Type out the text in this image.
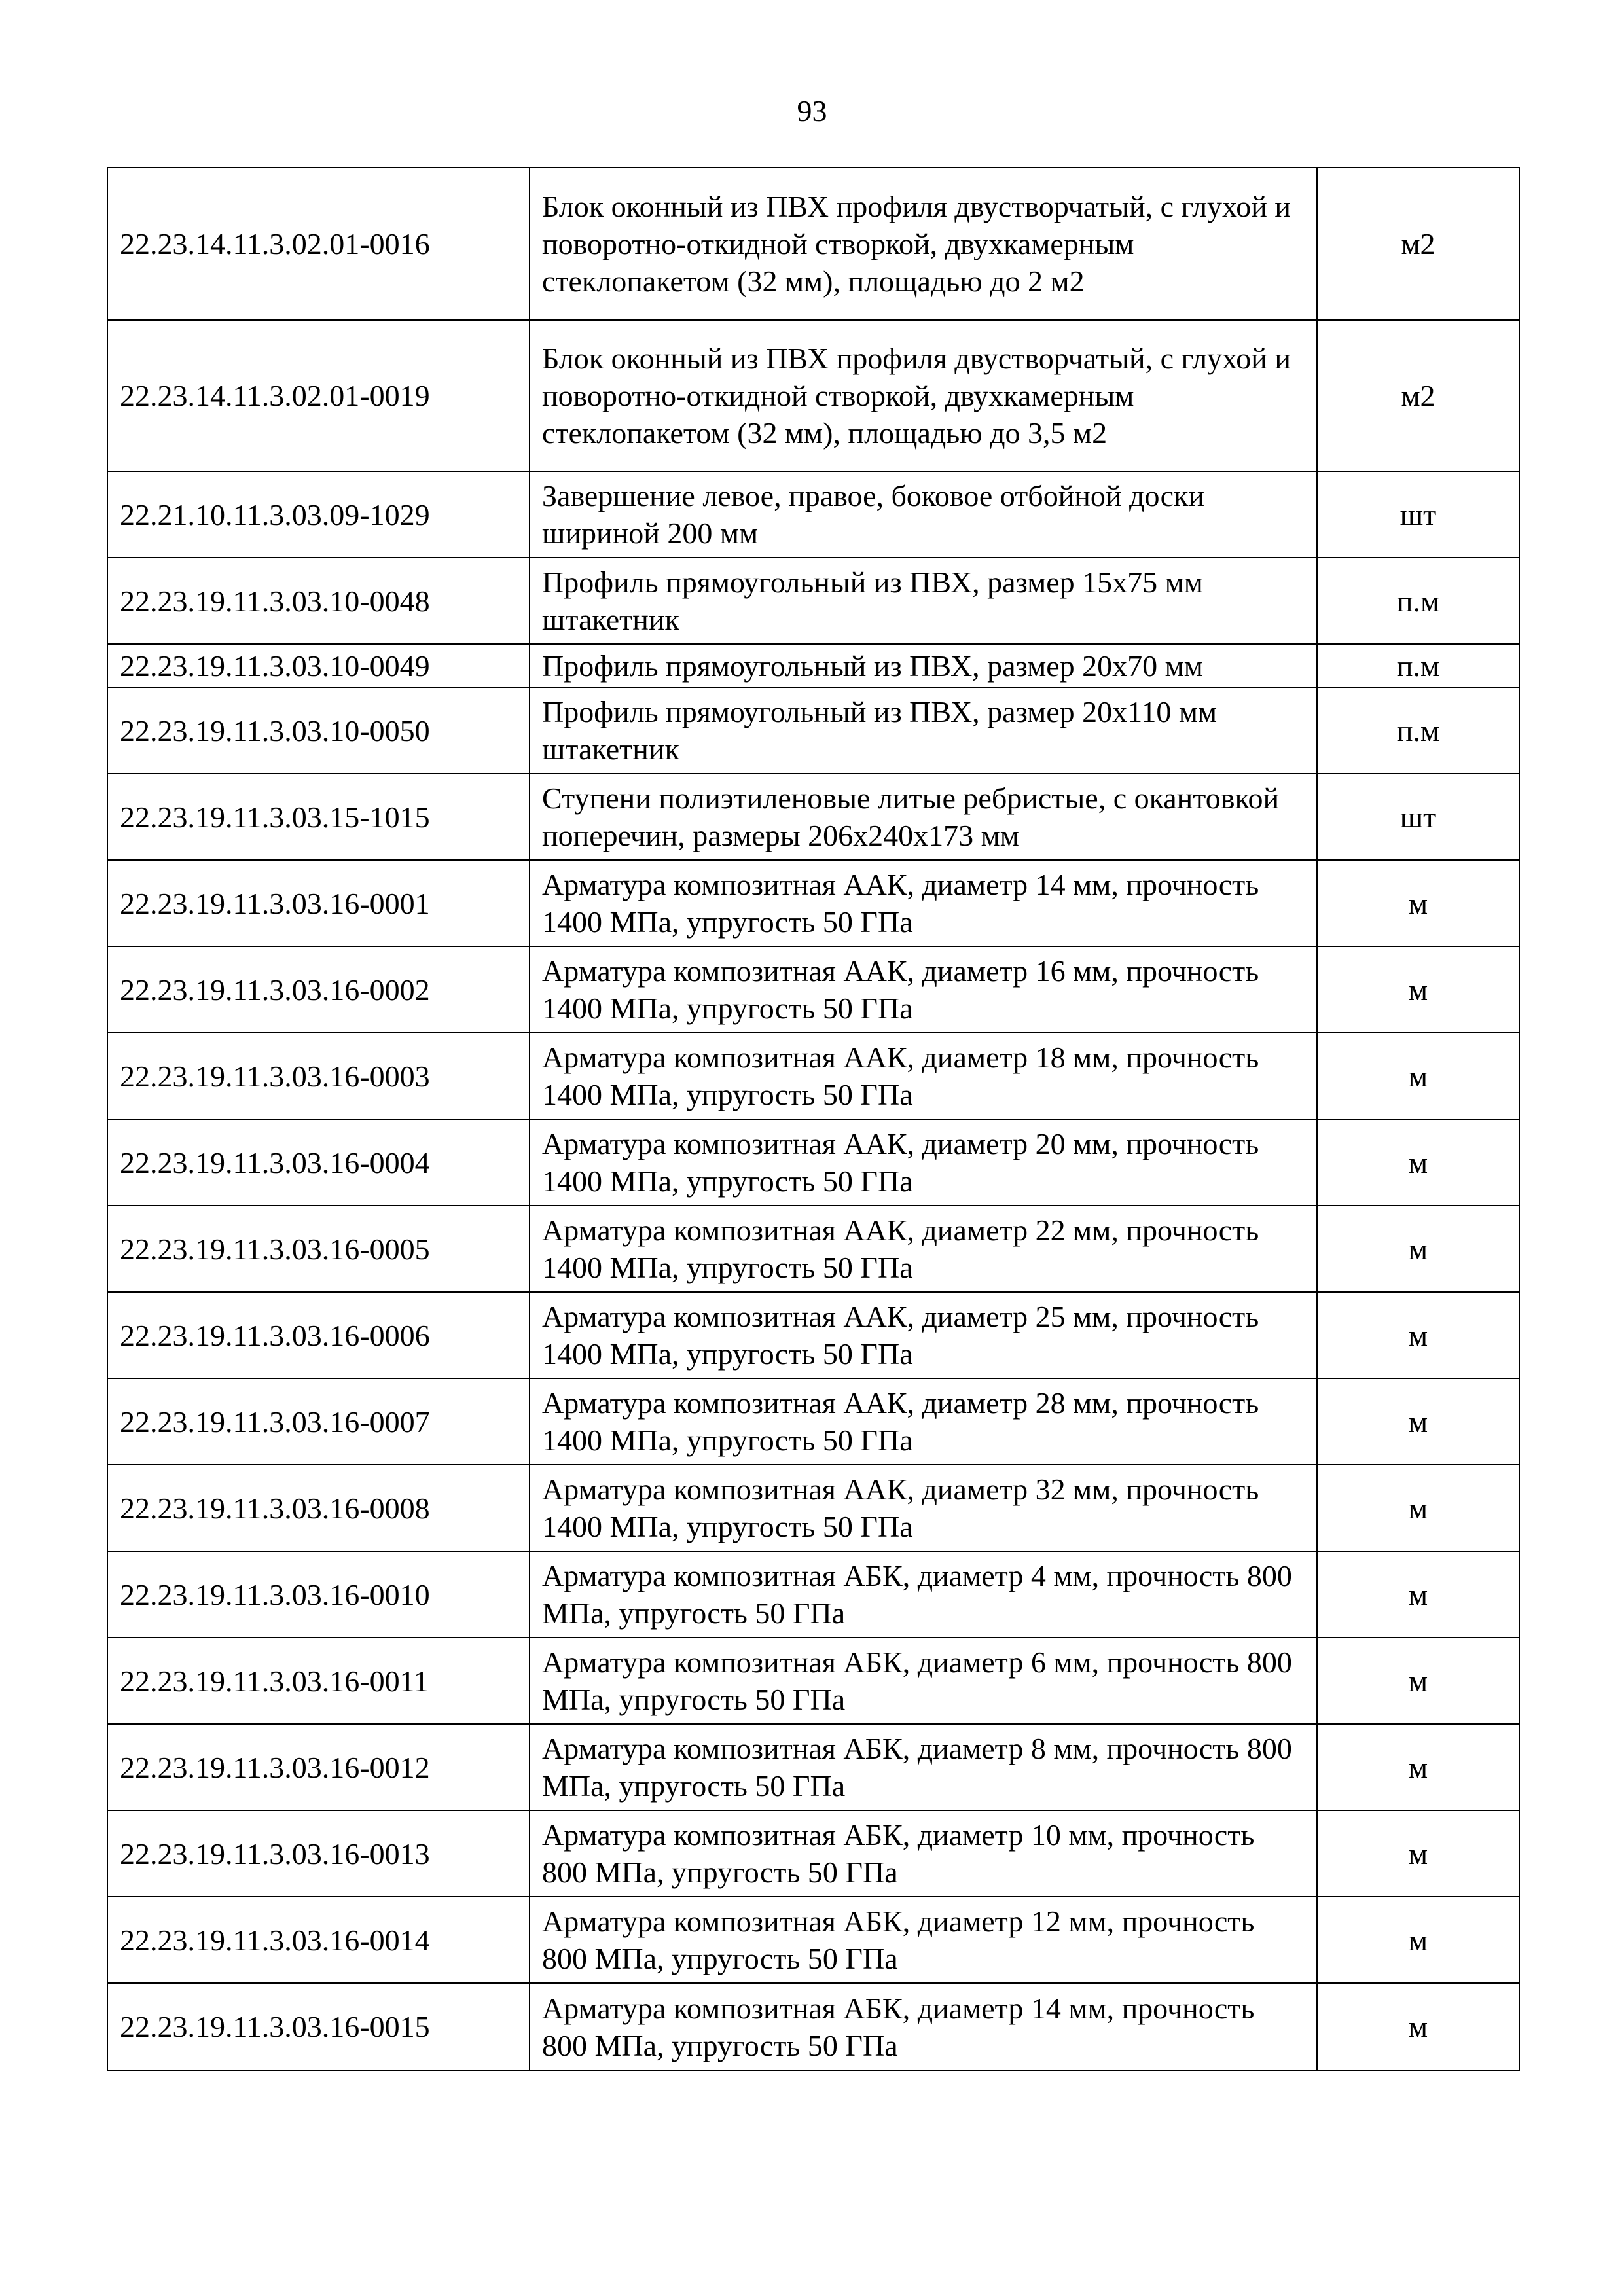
93
22.23.14.11.3.02.01-0016	Блок оконный из ПВХ профиля двустворчатый, с глухой и поворотно-откидной створкой, двухкамерным стеклопакетом (32 мм), площадью до 2 м2	м2
22.23.14.11.3.02.01-0019	Блок оконный из ПВХ профиля двустворчатый, с глухой и поворотно-откидной створкой, двухкамерным стеклопакетом (32 мм), площадью до 3,5 м2	м2
22.21.10.11.3.03.09-1029	Завершение левое, правое, боковое отбойной доски шириной 200 мм	шт
22.23.19.11.3.03.10-0048	Профиль прямоугольный из ПВХ, размер 15х75 мм штакетник	п.м
22.23.19.11.3.03.10-0049	Профиль прямоугольный из ПВХ, размер 20х70 мм	п.м
22.23.19.11.3.03.10-0050	Профиль прямоугольный из ПВХ, размер 20х110 мм штакетник	п.м
22.23.19.11.3.03.15-1015	Ступени полиэтиленовые литые ребристые, с окантовкой поперечин, размеры 206х240х173 мм	шт
22.23.19.11.3.03.16-0001	Арматура композитная ААК, диаметр 14 мм, прочность 1400 МПа, упругость 50 ГПа	м
22.23.19.11.3.03.16-0002	Арматура композитная ААК, диаметр 16 мм, прочность 1400 МПа, упругость 50 ГПа	м
22.23.19.11.3.03.16-0003	Арматура композитная ААК, диаметр 18 мм, прочность 1400 МПа, упругость 50 ГПа	м
22.23.19.11.3.03.16-0004	Арматура композитная ААК, диаметр 20 мм, прочность 1400 МПа, упругость 50 ГПа	м
22.23.19.11.3.03.16-0005	Арматура композитная ААК, диаметр 22 мм, прочность 1400 МПа, упругость 50 ГПа	м
22.23.19.11.3.03.16-0006	Арматура композитная ААК, диаметр 25 мм, прочность 1400 МПа, упругость 50 ГПа	м
22.23.19.11.3.03.16-0007	Арматура композитная ААК, диаметр 28 мм, прочность 1400 МПа, упругость 50 ГПа	м
22.23.19.11.3.03.16-0008	Арматура композитная ААК, диаметр 32 мм, прочность 1400 МПа, упругость 50 ГПа	м
22.23.19.11.3.03.16-0010	Арматура композитная АБК, диаметр 4 мм, прочность 800 МПа, упругость 50 ГПа	м
22.23.19.11.3.03.16-0011	Арматура композитная АБК, диаметр 6 мм, прочность 800 МПа, упругость 50 ГПа	м
22.23.19.11.3.03.16-0012	Арматура композитная АБК, диаметр 8 мм, прочность 800 МПа, упругость 50 ГПа	м
22.23.19.11.3.03.16-0013	Арматура композитная АБК, диаметр 10 мм, прочность 800 МПа, упругость 50 ГПа	м
22.23.19.11.3.03.16-0014	Арматура композитная АБК, диаметр 12 мм, прочность 800 МПа, упругость 50 ГПа	м
22.23.19.11.3.03.16-0015	Арматура композитная АБК, диаметр 14 мм, прочность 800 МПа, упругость 50 ГПа	м
